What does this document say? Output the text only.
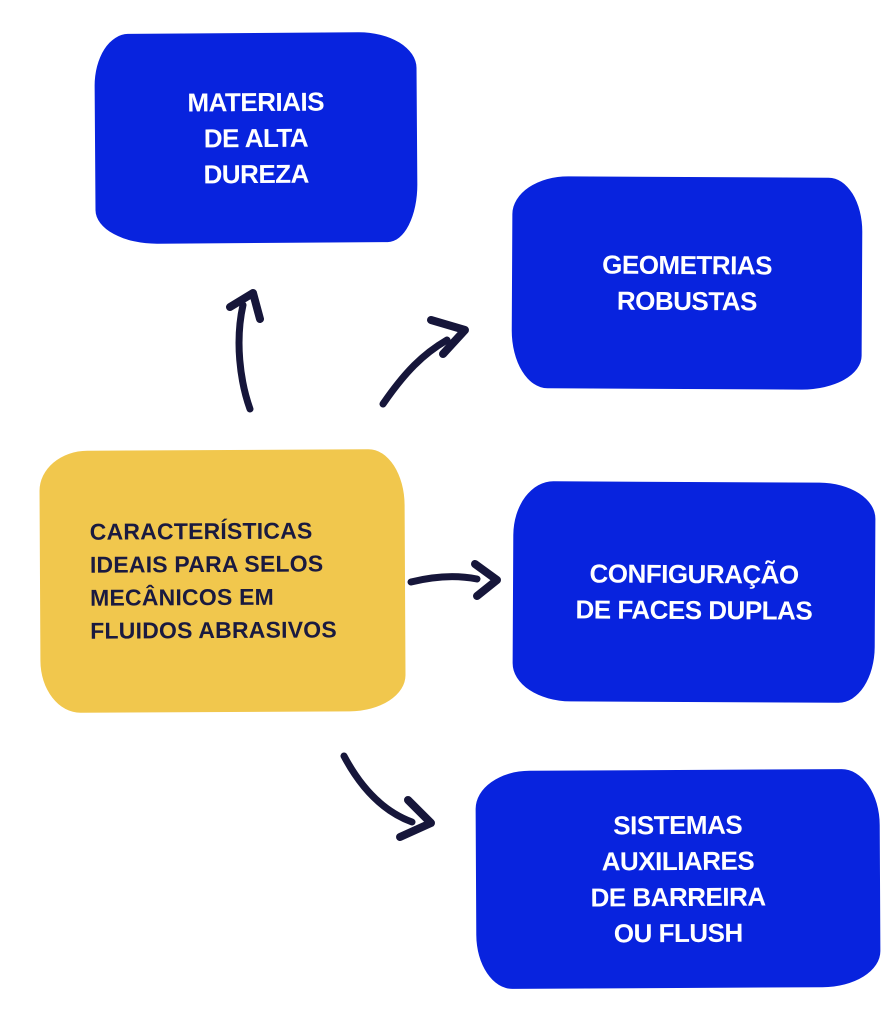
MATERIAIS
DE ALTA
DUREZA
GEOMETRIAS
ROBUSTAS
CARACTERÍSTICAS
IDEAIS PARA SELOS
MECÂNICOS EM
FLUIDOS ABRASIVOS
CONFIGURAÇÃO
DE FACES DUPLAS
SISTEMAS
AUXILIARES
DE BARREIRA
OU FLUSH
